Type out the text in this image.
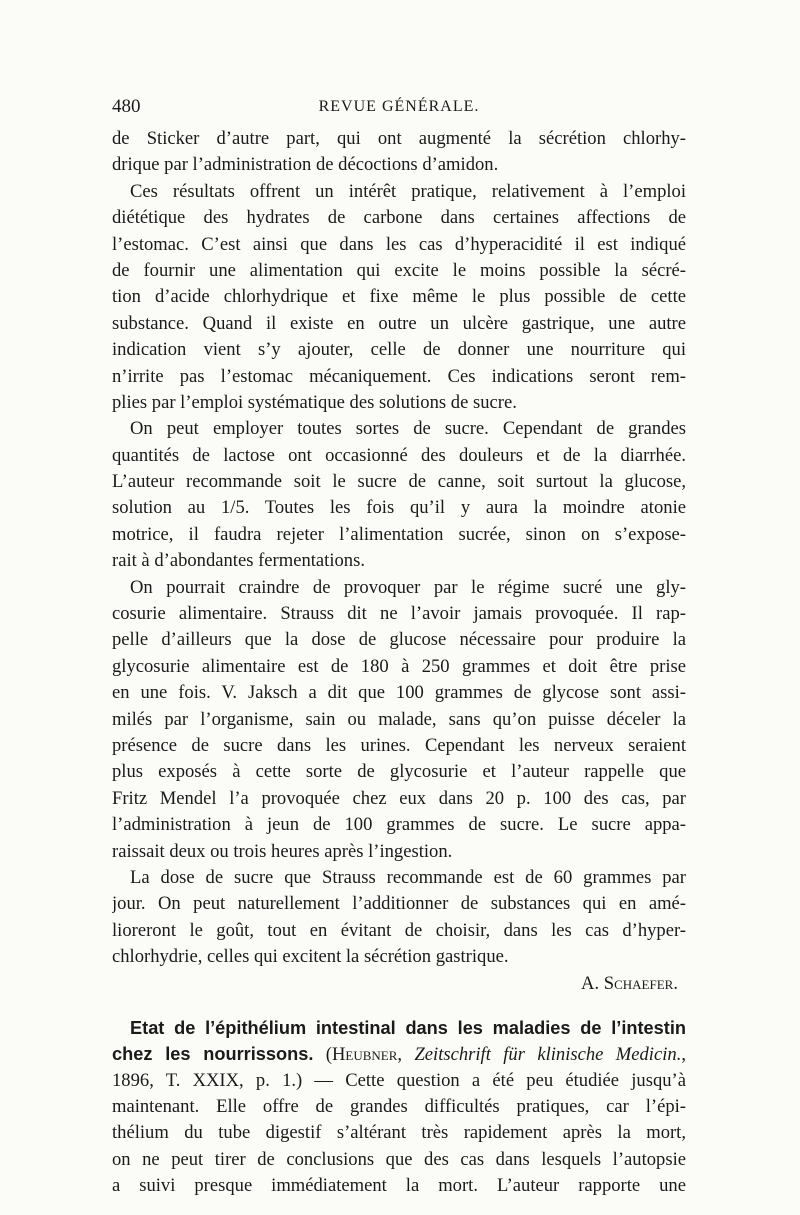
480	REVUE GÉNÉRALE.
de Sticker d’autre part, qui ont augmenté la sécrétion chlorhy-
drique par l’administration de décoctions d’amidon.
Ces résultats offrent un intérêt pratique, relativement à l’emploi
diététique des hydrates de carbone dans certaines affections de
l’estomac. C’est ainsi que dans les cas d’hyperacidité il est indiqué
de fournir une alimentation qui excite le moins possible la sécré-
tion d’acide chlorhydrique et fixe même le plus possible de cette
substance. Quand il existe en outre un ulcère gastrique, une autre
indication vient s’y ajouter, celle de donner une nourriture qui
n’irrite pas l’estomac mécaniquement. Ces indications seront rem-
plies par l’emploi systématique des solutions de sucre.
On peut employer toutes sortes de sucre. Cependant de grandes
quantités de lactose ont occasionné des douleurs et de la diarrhée.
L’auteur recommande soit le sucre de canne, soit surtout la glucose,
solution au 1/5. Toutes les fois qu’il y aura la moindre atonie
motrice, il faudra rejeter l’alimentation sucrée, sinon on s’expose-
rait à d’abondantes fermentations.
On pourrait craindre de provoquer par le régime sucré une gly-
cosurie alimentaire. Strauss dit ne l’avoir jamais provoquée. Il rap-
pelle d’ailleurs que la dose de glucose nécessaire pour produire la
glycosurie alimentaire est de 180 à 250 grammes et doit être prise
en une fois. V. Jaksch a dit que 100 grammes de glycose sont assi-
milés par l’organisme, sain ou malade, sans qu’on puisse déceler la
présence de sucre dans les urines. Cependant les nerveux seraient
plus exposés à cette sorte de glycosurie et l’auteur rappelle que
Fritz Mendel l’a provoquée chez eux dans 20 p. 100 des cas, par
l’administration à jeun de 100 grammes de sucre. Le sucre appa-
raissait deux ou trois heures après l’ingestion.
La dose de sucre que Strauss recommande est de 60 grammes par
jour. On peut naturellement l’additionner de substances qui en amé-
lioreront le goût, tout en évitant de choisir, dans les cas d’hyper-
chlorhydrie, celles qui excitent la sécrétion gastrique.
A. Schaefer.
Etat de l’épithélium intestinal dans les maladies de l’intestin
chez les nourrissons. (Heubner, Zeitschrift für klinische Medicin.,
1896, T. XXIX, p. 1.) — Cette question a été peu étudiée jusqu’à
maintenant. Elle offre de grandes difficultés pratiques, car l’épi-
thélium du tube digestif s’altérant très rapidement après la mort,
on ne peut tirer de conclusions que des cas dans lesquels l’autopsie
a suivi presque immédiatement la mort. L’auteur rapporte une
